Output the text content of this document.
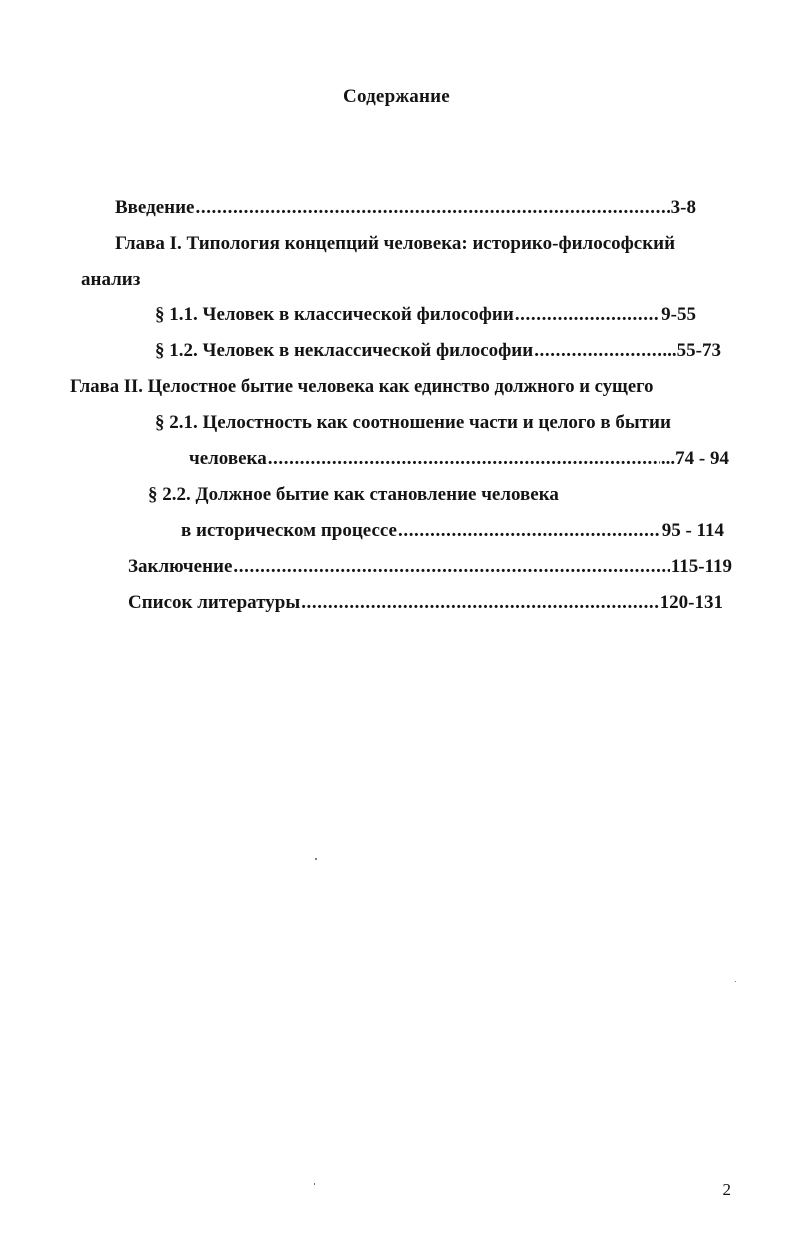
Содержание
Введение .....	3-8
Глава I. Типология концепций человека: историко-философский
анализ
§ 1.1. Человек в классической философии .....	9-55
§ 1.2. Человек в неклассической философии .....	...55-73
Глава II. Целостное бытие человека как единство должного и сущего
§ 2.1. Целостность как соотношение части и целого в бытии
человека .....	...74 - 94
§ 2.2. Должное бытие как становление человека
в историческом процессе .....	95 - 114
Заключение .....	115-119
Список литературы .....	120-131
2
